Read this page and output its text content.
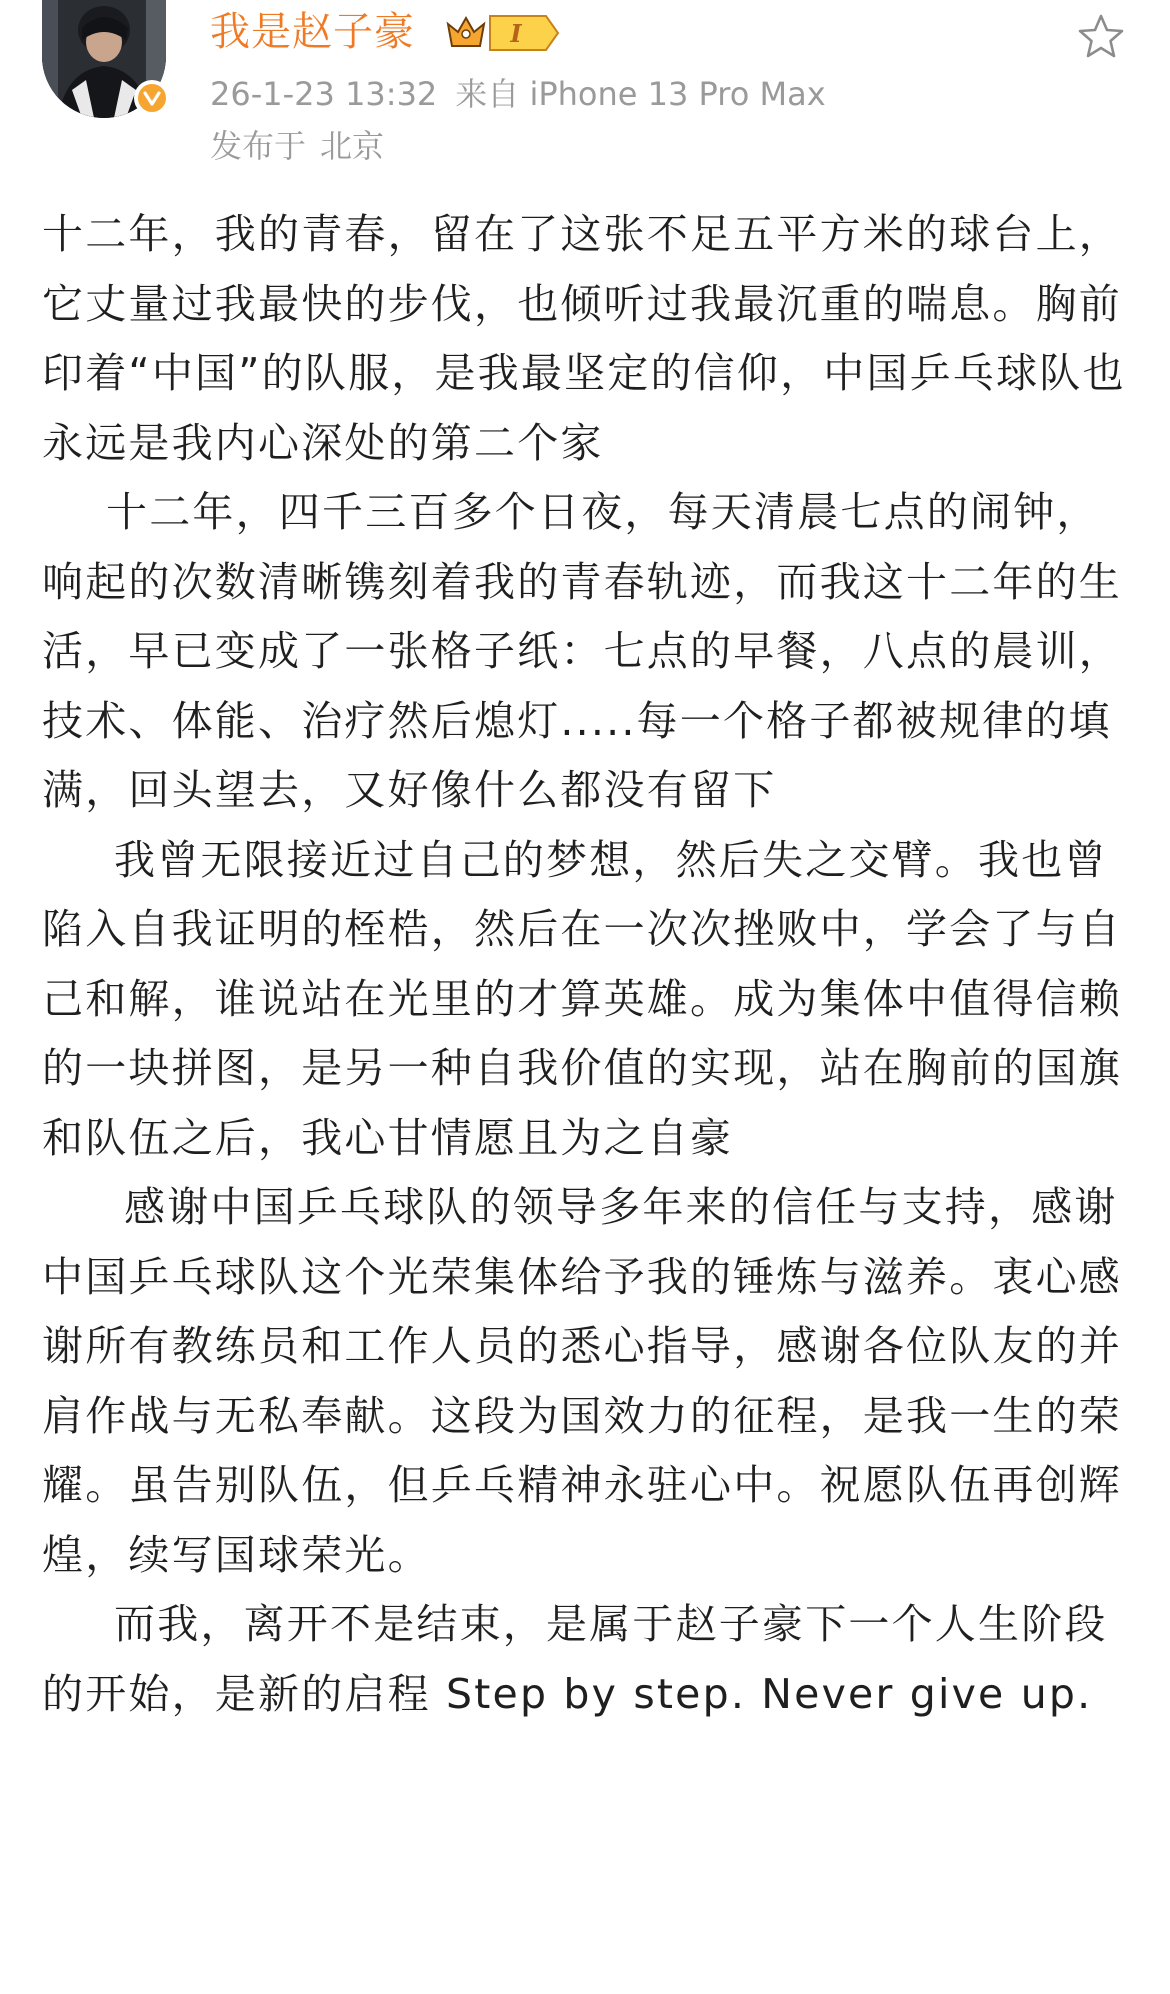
我是赵子豪	I
26-1-23 13:32 来自 iPhone 13 Pro Max
发布于 北京

十二年，我的青春，留在了这张不足五平方米的球台上，它丈量过我最快的步伐，也倾听过我最沉重的喘息。胸前印着“中国”的队服，是我最坚定的信仰，中国乒乓球队也永远是我内心深处的第二个家

十二年，四千三百多个日夜，每天清晨七点的闹钟，响起的次数清晰镌刻着我的青春轨迹，而我这十二年的生活，早已变成了一张格子纸：七点的早餐，八点的晨训，技术、体能、治疗然后熄灯.....每一个格子都被规律的填满，回头望去，又好像什么都没有留下

我曾无限接近过自己的梦想，然后失之交臂。我也曾陷入自我证明的桎梏，然后在一次次挫败中，学会了与自己和解，谁说站在光里的才算英雄。成为集体中值得信赖的一块拼图，是另一种自我价值的实现，站在胸前的国旗和队伍之后，我心甘情愿且为之自豪

感谢中国乒乓球队的领导多年来的信任与支持，感谢中国乒乓球队这个光荣集体给予我的锤炼与滋养。衷心感谢所有教练员和工作人员的悉心指导，感谢各位队友的并肩作战与无私奉献。这段为国效力的征程，是我一生的荣耀。虽告别队伍，但乒乓精神永驻心中。祝愿队伍再创辉煌，续写国球荣光。

而我，离开不是结束，是属于赵子豪下一个人生阶段的开始，是新的启程 Step by step. Never give up.
